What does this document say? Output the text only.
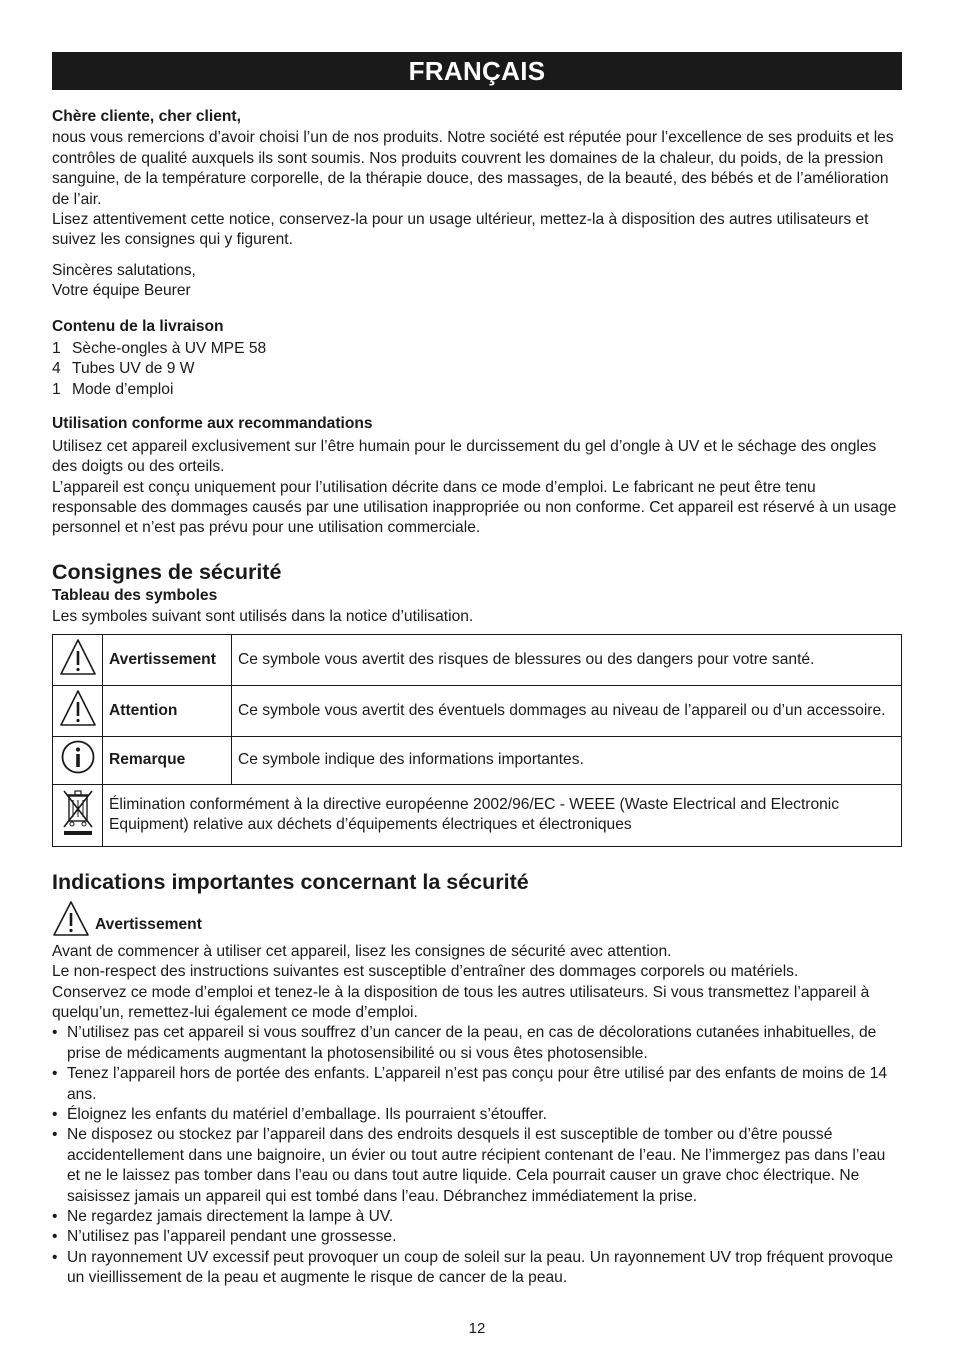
FRANÇAIS

Chère cliente, cher client,

nous vous remercions d’avoir choisi l’un de nos produits. Notre société est réputée pour l’excellence de ses produits et les contrôles de qualité auxquels ils sont soumis. Nos produits couvrent les domaines de la chaleur, du poids, de la pression sanguine, de la température corporelle, de la thérapie douce, des massages, de la beauté, des bébés et de l’amélioration de l’air.

Lisez attentivement cette notice, conservez-la pour un usage ultérieur, mettez-la à disposition des autres utilisateurs et suivez les consignes qui y figurent.

Sincères salutations,

Votre équipe Beurer

Contenu de la livraison

1 Sèche-ongles à UV MPE 58
4 Tubes UV de 9 W
1 Mode d’emploi

Utilisation conforme aux recommandations

Utilisez cet appareil exclusivement sur l’être humain pour le durcissement du gel d’ongle à UV et le séchage des ongles des doigts ou des orteils.

L’appareil est conçu uniquement pour l’utilisation décrite dans ce mode d’emploi. Le fabricant ne peut être tenu responsable des dommages causés par une utilisation inappropriée ou non conforme. Cet appareil est réservé à un usage personnel et n’est pas prévu pour une utilisation commerciale.

Consignes de sécurité

Tableau des symboles

Les symboles suivant sont utilisés dans la notice d’utilisation.

	Avertissement	Ce symbole vous avertit des risques de blessures ou des dangers pour votre santé.
	Attention	Ce symbole vous avertit des éventuels dommages au niveau de l’appareil ou d’un accessoire.
	Remarque	Ce symbole indique des informations importantes.
	Élimination conformément à la directive européenne 2002/96/EC - WEEE (Waste Electrical and Electronic Equipment) relative aux déchets d’équipements électriques et électroniques	

Indications importantes concernant la sécurité

Avertissement

Avant de commencer à utiliser cet appareil, lisez les consignes de sécurité avec attention.

Le non-respect des instructions suivantes est susceptible d’entraîner des dommages corporels ou matériels.

Conservez ce mode d’emploi et tenez-le à la disposition de tous les autres utilisateurs. Si vous transmettez l’appareil à quelqu’un, remettez-lui également ce mode d’emploi.

• N’utilisez pas cet appareil si vous souffrez d’un cancer de la peau, en cas de décolorations cutanées inhabituelles, de prise de médicaments augmentant la photosensibilité ou si vous êtes photosensible.
• Tenez l’appareil hors de portée des enfants. L’appareil n’est pas conçu pour être utilisé par des enfants de moins de 14 ans.
• Éloignez les enfants du matériel d’emballage. Ils pourraient s’étouffer.
• Ne disposez ou stockez par l’appareil dans des endroits desquels il est susceptible de tomber ou d’être poussé accidentellement dans une baignoire, un évier ou tout autre récipient contenant de l’eau. Ne l’immergez pas dans l’eau et ne le laissez pas tomber dans l’eau ou dans tout autre liquide. Cela pourrait causer un grave choc électrique. Ne saisissez jamais un appareil qui est tombé dans l’eau. Débranchez immédiatement la prise.
• Ne regardez jamais directement la lampe à UV.
• N’utilisez pas l’appareil pendant une grossesse.
• Un rayonnement UV excessif peut provoquer un coup de soleil sur la peau. Un rayonnement UV trop fréquent provoque un vieillissement de la peau et augmente le risque de cancer de la peau.
12
